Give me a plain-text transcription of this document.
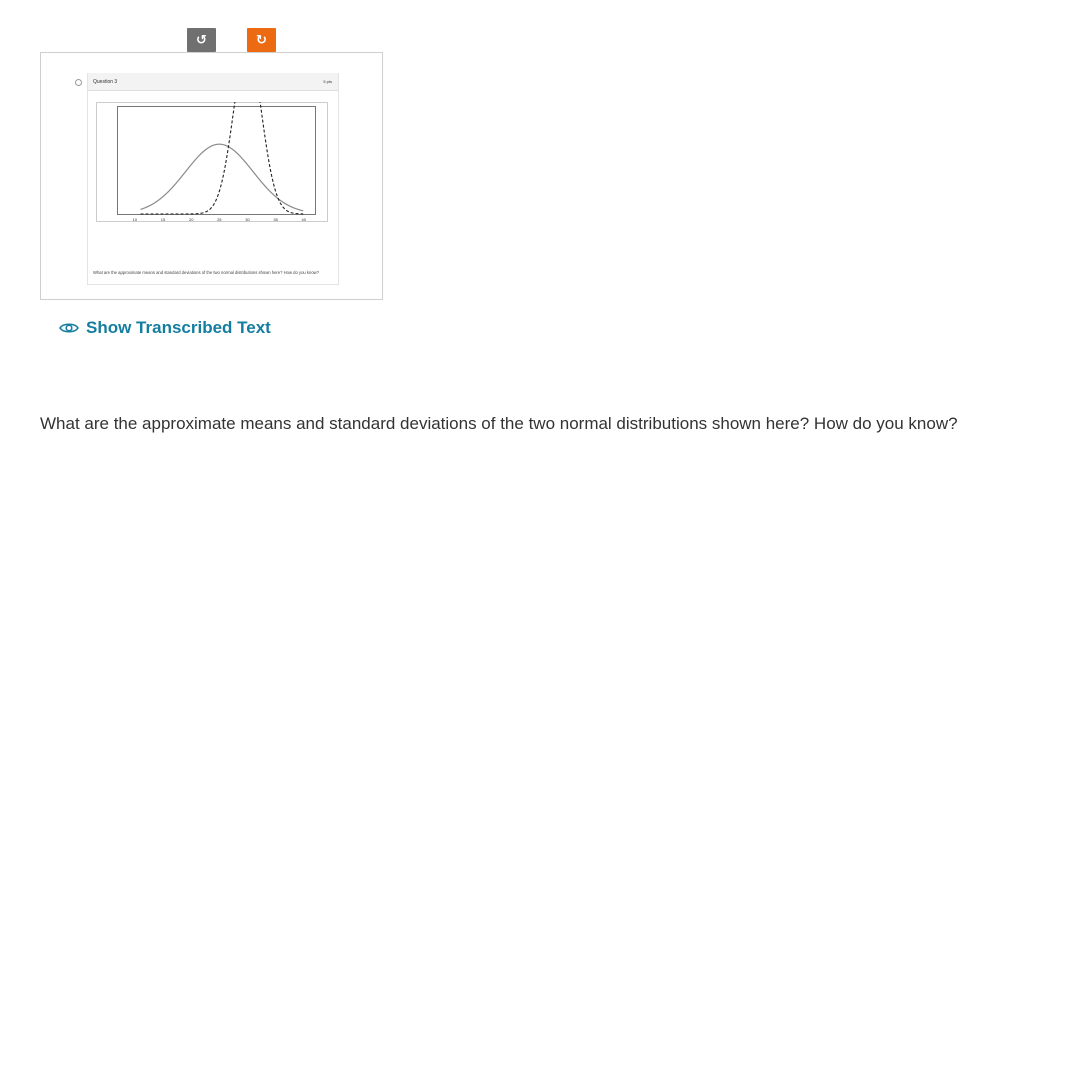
↺	↻
Question 3	5 pts
10	15	20	25	30	35	40
What are the approximate means and standard deviations of the two normal distributions shown here? How do you know?
Show Transcribed Text
What are the approximate means and standard deviations of the two normal distributions shown here? How do you know?
